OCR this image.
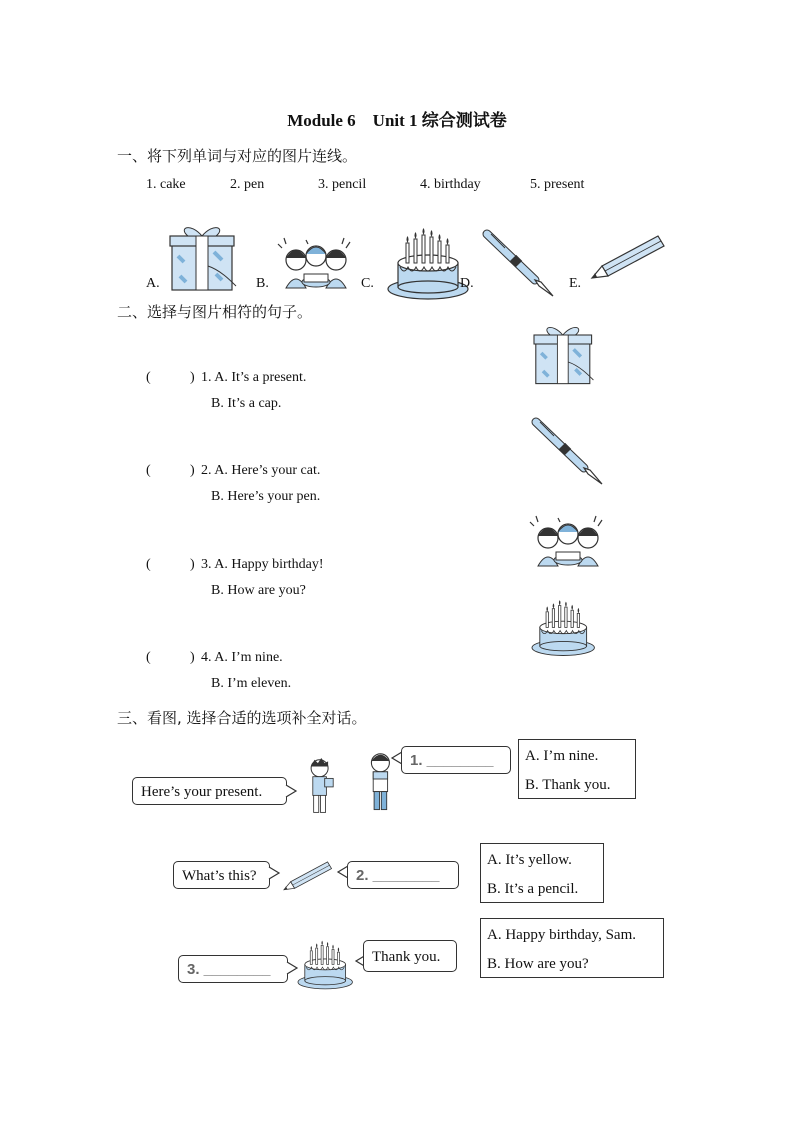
Module 6　Unit 1 综合测试卷
一、将下列单词与对应的图片连线。
1. cake	2. pen	3. pencil	4. birthday	5. present
A.	B.	C.	D.	E.
二、选择与图片相符的句子。
(	) 1. A. It’s a present.
B. It’s a cap.
(	) 2. A. Here’s your cat.
B. Here’s your pen.
(	) 3. A. Happy birthday!
B. How are you?
(	) 4. A. I’m nine.
B. I’m eleven.
三、看图, 选择合适的选项补全对话。
Here’s your present.
1. ________	A. I’m nine.
B. Thank you.
What’s this?	2. ________
A. It’s yellow.
B. It’s a pencil.
3. ________
Thank you.
A. Happy birthday, Sam.
B. How are you?
